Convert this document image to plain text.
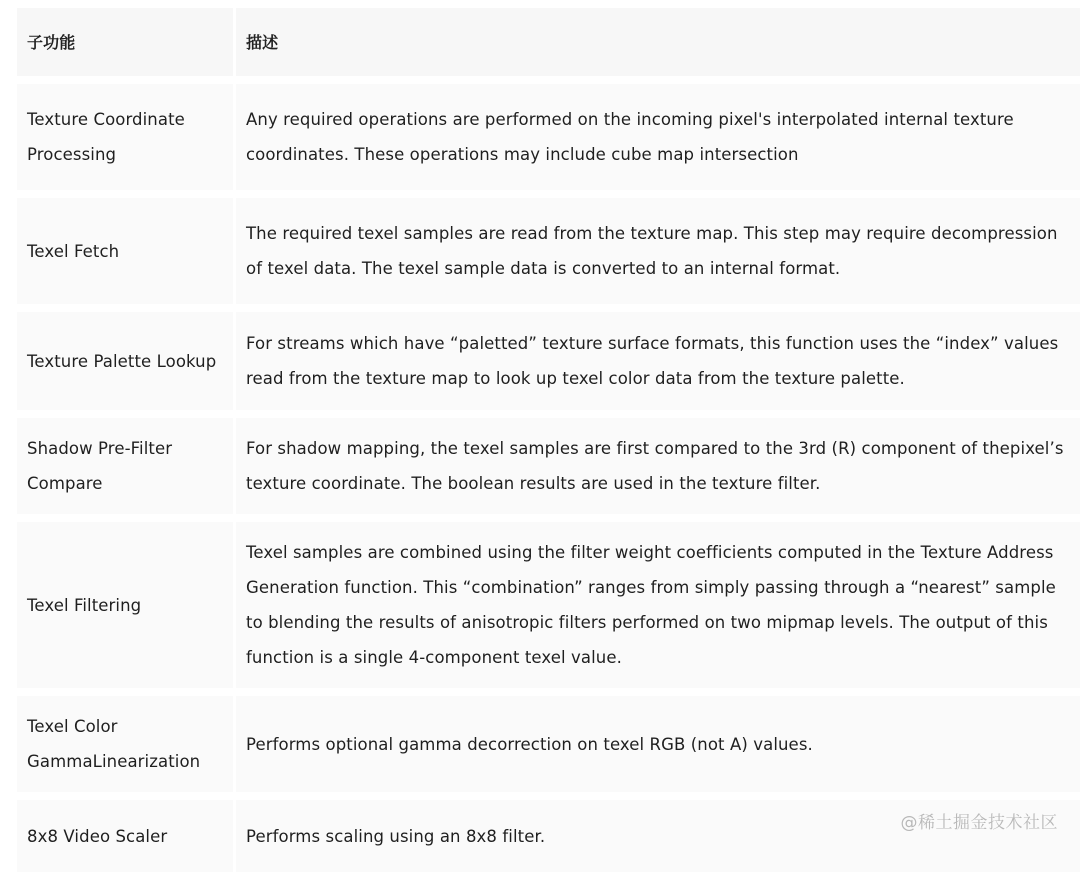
子功能	描述

Texture Coordinate Processing	Any required operations are performed on the incoming pixel's interpolated internal texture coordinates. These operations may include cube map intersection

Texel Fetch	The required texel samples are read from the texture map. This step may require decompression of texel data. The texel sample data is converted to an internal format.

Texture Palette Lookup	For streams which have “paletted” texture surface formats, this function uses the “index” values read from the texture map to look up texel color data from the texture palette.

Shadow Pre-Filter Compare	For shadow mapping, the texel samples are first compared to the 3rd (R) component of thepixel’s texture coordinate. The boolean results are used in the texture filter.

Texel Filtering	Texel samples are combined using the filter weight coefficients computed in the Texture Address Generation function. This “combination” ranges from simply passing through a “nearest” sample to blending the results of anisotropic filters performed on two mipmap levels. The output of this function is a single 4-component texel value.

Texel Color GammaLinearization	Performs optional gamma decorrection on texel RGB (not A) values.

8x8 Video Scaler	Performs scaling using an 8x8 filter.
@稀土掘金技术社区
